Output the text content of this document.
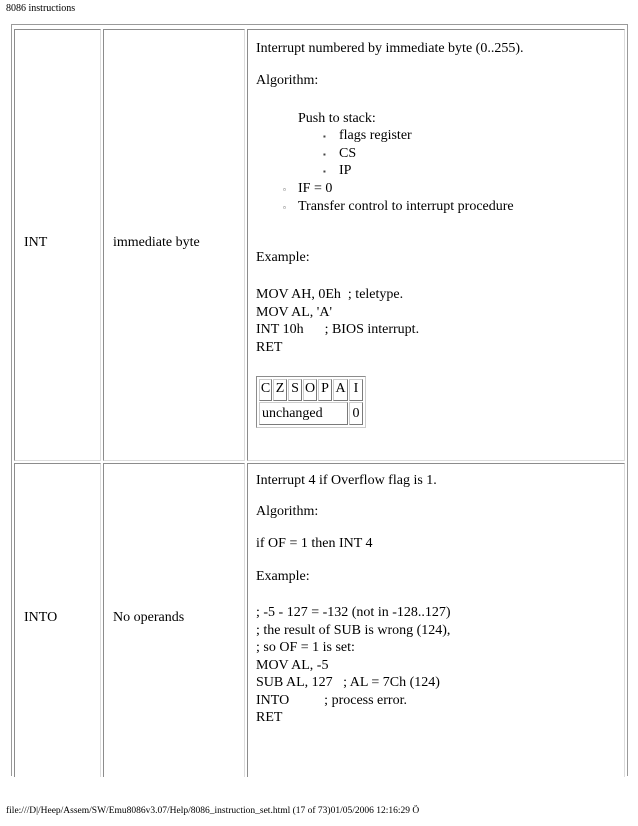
8086 instructions
INT	immediate byte
Interrupt numbered by immediate byte (0..255).
Algorithm:
Push to stack:
▪ flags register
▪ CS
▪ IP
▫ IF = 0
▫ Transfer control to interrupt procedure
Example:
MOV AH, 0Eh  ; teletype.
MOV AL, 'A'
INT 10h      ; BIOS interrupt.
RET
C Z S O P A I
unchanged	0
INTO	No operands
Interrupt 4 if Overflow flag is 1.
Algorithm:
if OF = 1 then INT 4
Example:
; -5 - 127 = -132 (not in -128..127)
; the result of SUB is wrong (124),
; so OF = 1 is set:
MOV AL, -5
SUB AL, 127   ; AL = 7Ch (124)
INTO          ; process error.
RET
file:///D|/Heep/Assem/SW/Emu8086v3.07/Help/8086_instruction_set.html (17 of 73)01/05/2006 12:16:29 Ö
